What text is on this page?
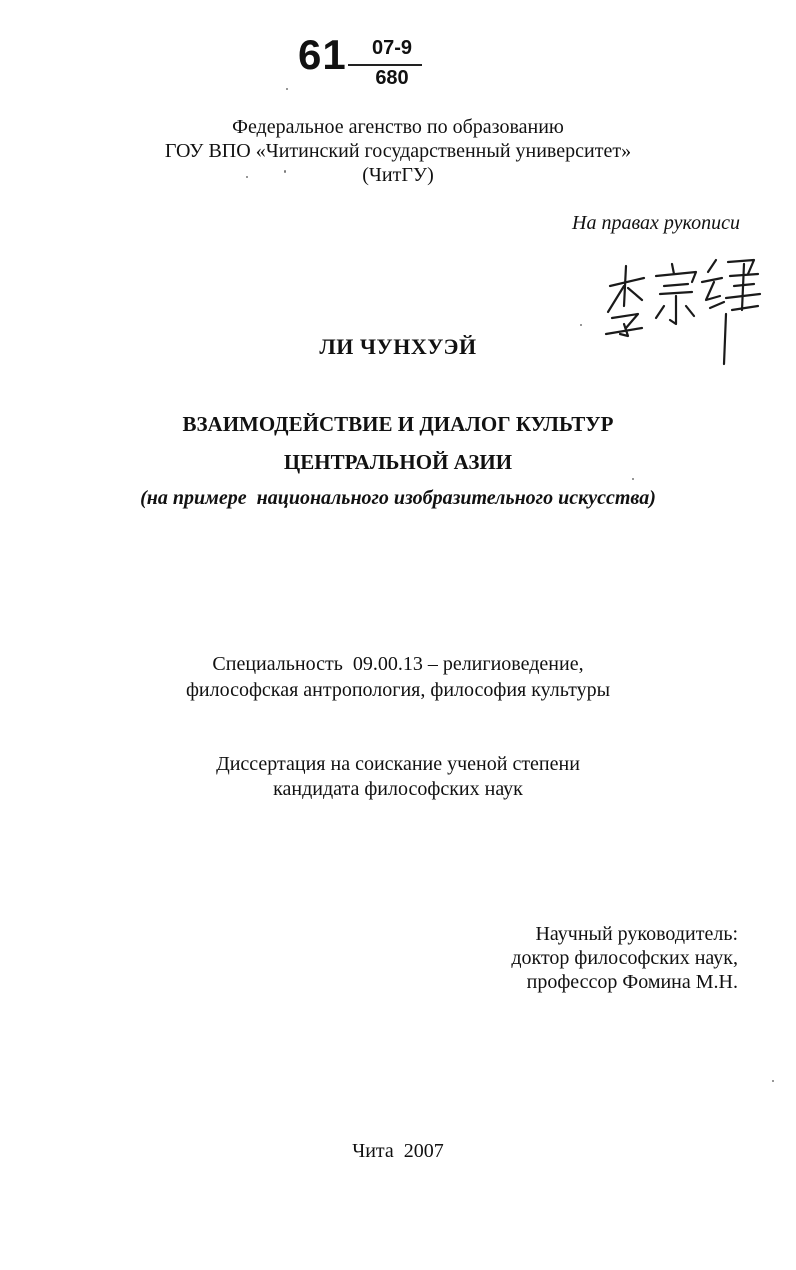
61	07-9
680
Федеральное агенство по образованию
ГОУ ВПО «Читинский государственный университет»
(ЧитГУ)
На правах рукописи
ЛИ ЧУНХУЭЙ
ВЗАИМОДЕЙСТВИЕ И ДИАЛОГ КУЛЬТУР
ЦЕНТРАЛЬНОЙ АЗИИ
(на примере  национального изобразительного искусства)
Специальность  09.00.13 – религиоведение,
философская антропология, философия культуры
Диссертация на соискание ученой степени
кандидата философских наук
Научный руководитель:
доктор философских наук,
профессор Фомина М.Н.
Чита  2007
